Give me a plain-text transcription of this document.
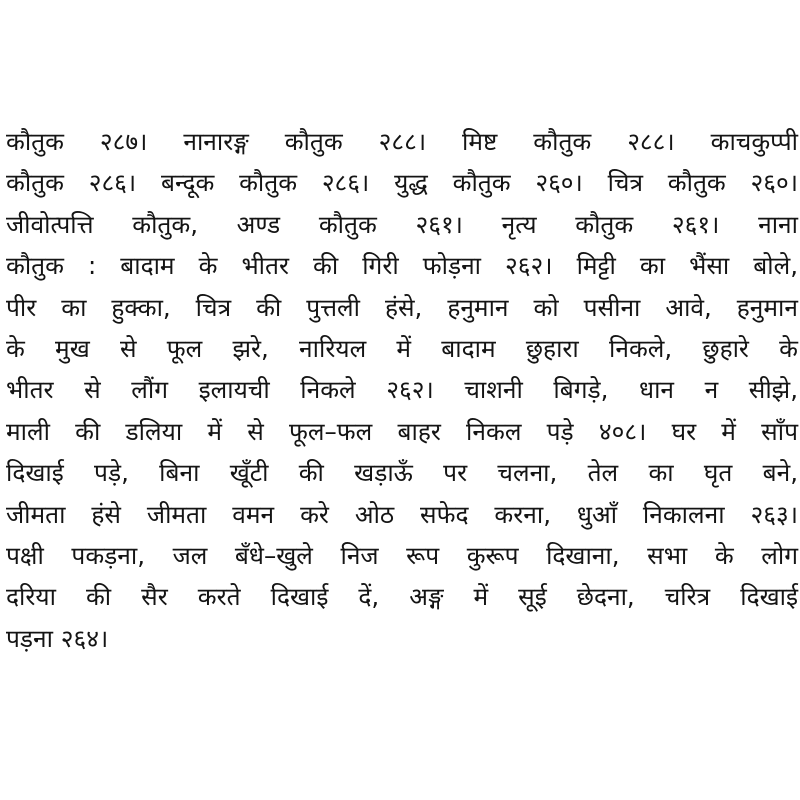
कौतुक २८७। नानारङ्ग कौतुक २८८। मिष्ट कौतुक २८८। काचकुप्पी
कौतुक २८६। बन्दूक कौतुक २८६। युद्ध कौतुक २६०। चित्र कौतुक २६०।
जीवोत्पत्ति कौतुक, अण्ड कौतुक २६१। नृत्य कौतुक २६१। नाना
कौतुक : बादाम के भीतर की गिरी फोड़ना २६२। मिट्टी का भैंसा बोले,
पीर का हुक्का, चित्र की पुत्तली हंसे, हनुमान को पसीना आवे, हनुमान
के मुख से फूल झरे, नारियल में बादाम छुहारा निकले, छुहारे के
भीतर से लौंग इलायची निकले २६२। चाशनी बिगड़े, धान न सीझे,
माली की डलिया में से फूल–फल बाहर निकल पड़े ४०८। घर में साँप
दिखाई पड़े, बिना खूँटी की खड़ाऊँ पर चलना, तेल का घृत बने,
जीमता हंसे जीमता वमन करे ओठ सफेद करना, धुआँ निकालना २६३।
पक्षी पकड़ना, जल बँधे–खुले निज रूप कुरूप दिखाना, सभा के लोग
दरिया की सैर करते दिखाई दें, अङ्ग में सूई छेदना, चरित्र दिखाई
पड़ना २६४।
